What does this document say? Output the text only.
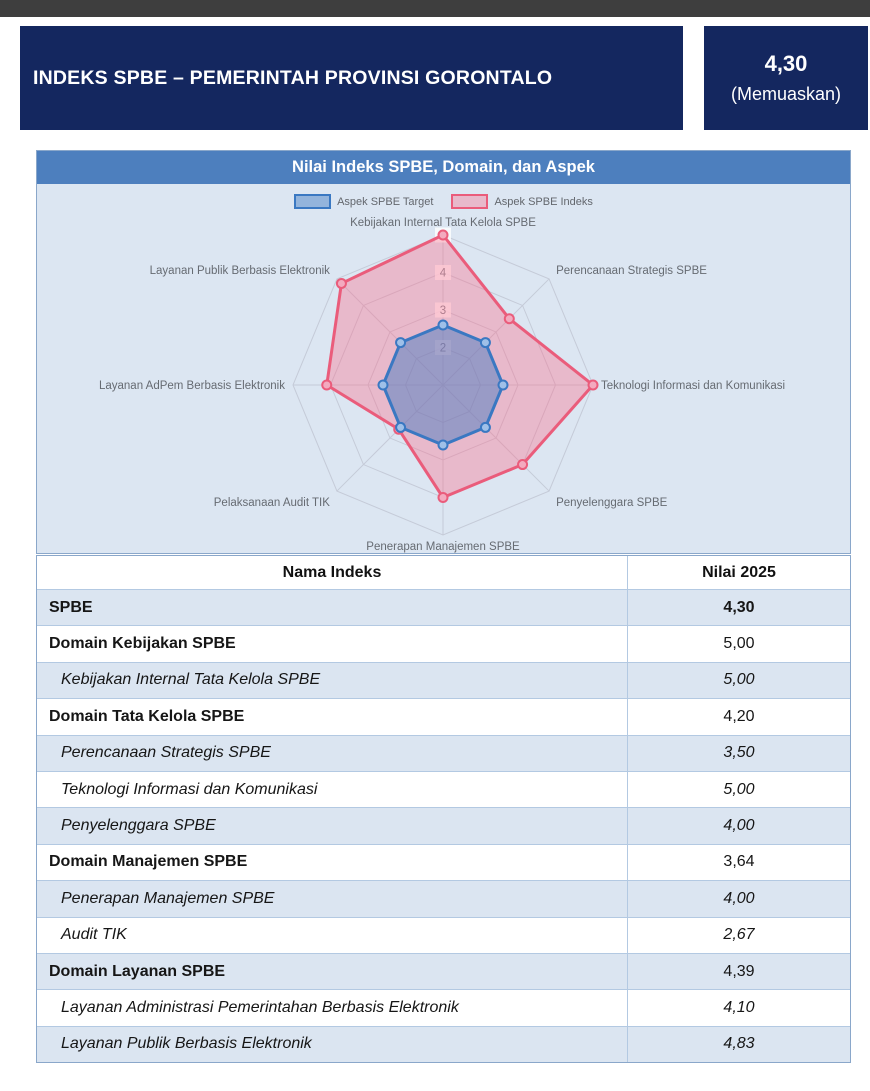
INDEKS SPBE – PEMERINTAH PROVINSI GORONTALO
4,30
(Memuaskan)
Nilai Indeks SPBE, Domain, dan Aspek
Aspek SPBE Target	Aspek SPBE Indeks
Kebijakan Internal Tata Kelola SPBE
Perencanaan Strategis SPBE
Teknologi Informasi dan Komunikasi
Penyelenggara SPBE
Penerapan Manajemen SPBE
Pelaksanaan Audit TIK
Layanan AdPem Berbasis Elektronik
Layanan Publik Berbasis Elektronik
Nama Indeks	Nilai 2025
SPBE	4,30
Domain Kebijakan SPBE	5,00
Kebijakan Internal Tata Kelola SPBE	5,00
Domain Tata Kelola SPBE	4,20
Perencanaan Strategis SPBE	3,50
Teknologi Informasi dan Komunikasi	5,00
Penyelenggara SPBE	4,00
Domain Manajemen SPBE	3,64
Penerapan Manajemen SPBE	4,00
Audit TIK	2,67
Domain Layanan SPBE	4,39
Layanan Administrasi Pemerintahan Berbasis Elektronik	4,10
Layanan Publik Berbasis Elektronik	4,83
